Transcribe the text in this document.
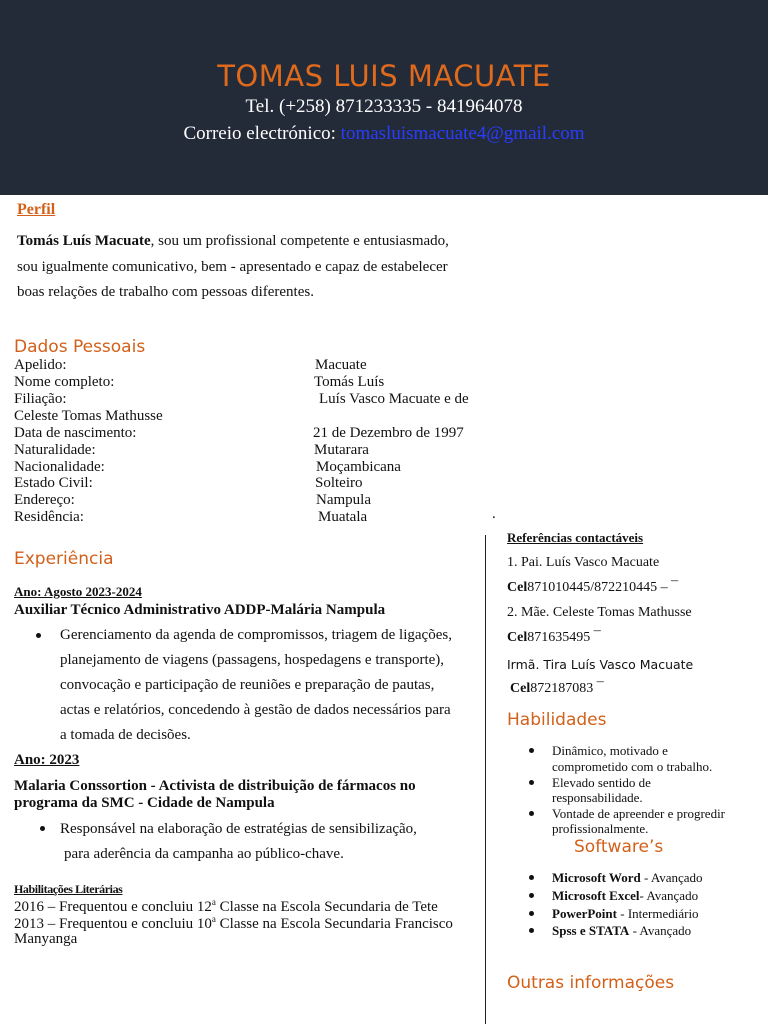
TOMAS LUIS MACUATE
Tel. (+258) 871233335 - 841964078
Correio electrónico: tomasluismacuate4@gmail.com
Perfil
Tomás Luís Macuate, sou um profissional competente e entusiasmado,
sou igualmente comunicativo, bem - apresentado e capaz de estabelecer
boas relações de trabalho com pessoas diferentes.
Dados Pessoais
Apelido:	Macuate
Nome completo:	Tomás Luís
Filiação:	Luís Vasco Macuate e de
Celeste Tomas Mathusse
Data de nascimento:	21 de Dezembro de 1997
Naturalidade:	Mutarara
Nacionalidade:	Moçambicana
Estado Civil:	Solteiro
Endereço:	Nampula
Residência:	Muatala	.
Experiência
Ano: Agosto 2023-2024
Auxiliar Técnico Administrativo ADDP-Malária Nampula
Gerenciamento da agenda de compromissos, triagem de ligações,
planejamento de viagens (passagens, hospedagens e transporte),
convocação e participação de reuniões e preparação de pautas,
actas e relatórios, concedendo à gestão de dados necessários para
a tomada de decisões.
Ano: 2023
Malaria Conssortion - Activista de distribuição de fármacos no
programa da SMC - Cidade de Nampula
Responsável na elaboração de estratégias de sensibilização,
para aderência da campanha ao público-chave.
Habilitações Literárias
2016 – Frequentou e concluiu 12$^a$ Classe na Escola Secundaria de Tete
2013 – Frequentou e concluiu 10$^a$ Classe na Escola Secundaria Francisco
Manyanga
Referências contactáveis
1. Pai. Luís Vasco Macuate
Cel871010445/872210445 – ¯
2. Mãe. Celeste Tomas Mathusse
Cel871635495 ¯
Irmã. Tira Luís Vasco Macuate
Cel872187083 ¯
Habilidades
Dinâmico, motivado e
comprometido com o trabalho.
Elevado sentido de
responsabilidade.
Vontade de apreender e progredir
profissionalmente.
Software’s
Microsoft Word - Avançado
Microsoft Excel- Avançado
PowerPoint - Intermediário
Spss e STATA - Avançado
Outras informações
